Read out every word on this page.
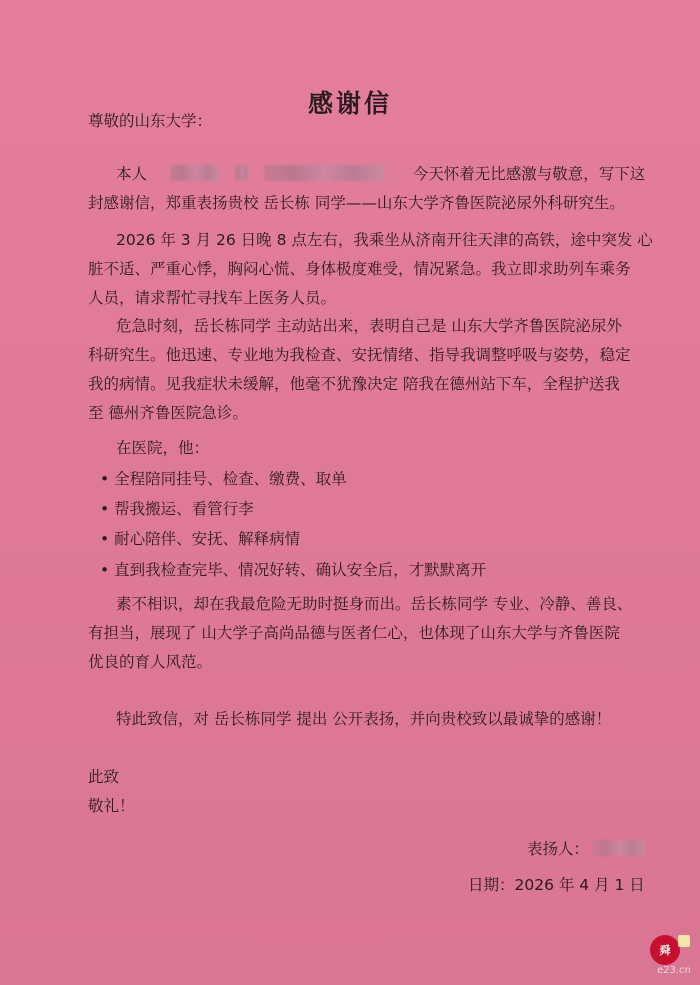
感谢信
尊敬的山东大学：
本人	今天怀着无比感激与敬意，写下这
封感谢信，郑重表扬贵校 岳长栋 同学——山东大学齐鲁医院泌尿外科研究生。
2026 年 3 月 26 日晚 8 点左右，我乘坐从济南开往天津的高铁，途中突发 心
脏不适、严重心悸，胸闷心慌、身体极度难受，情况紧急。我立即求助列车乘务
人员，请求帮忙寻找车上医务人员。
危急时刻，岳长栋同学 主动站出来，表明自己是 山东大学齐鲁医院泌尿外
科研究生。他迅速、专业地为我检查、安抚情绪、指导我调整呼吸与姿势，稳定
我的病情。见我症状未缓解，他毫不犹豫决定 陪我在德州站下车，全程护送我
至 德州齐鲁医院急诊。
在医院，他：
• 全程陪同挂号、检查、缴费、取单
• 帮我搬运、看管行李
• 耐心陪伴、安抚、解释病情
• 直到我检查完毕、情况好转、确认安全后，才默默离开
素不相识，却在我最危险无助时挺身而出。岳长栋同学 专业、冷静、善良、
有担当，展现了 山大学子高尚品德与医者仁心，也体现了山东大学与齐鲁医院
优良的育人风范。
特此致信，对 岳长栋同学 提出 公开表扬，并向贵校致以最诚挚的感谢！
此致
敬礼！
表扬人：
日期：2026 年 4 月 1 日
舜
e23.cn
